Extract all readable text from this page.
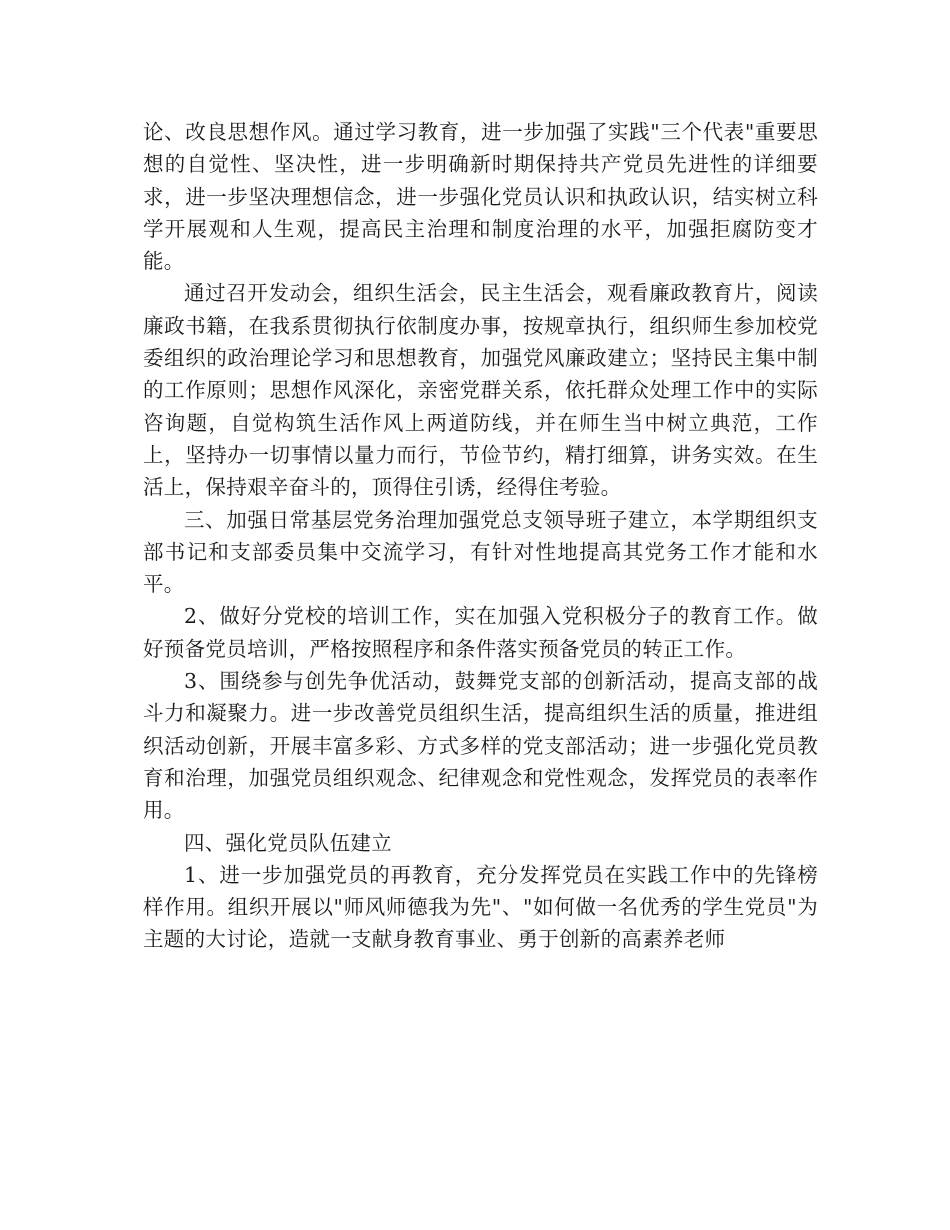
论、改良思想作风。通过学习教育，进一步加强了实践"三个代表"重要思想的自觉性、坚决性，进一步明确新时期保持共产党员先进性的详细要求，进一步坚决理想信念，进一步强化党员认识和执政认识，结实树立科学开展观和人生观，提高民主治理和制度治理的水平，加强拒腐防变才能。

通过召开发动会，组织生活会，民主生活会，观看廉政教育片，阅读廉政书籍，在我系贯彻执行依制度办事，按规章执行，组织师生参加校党委组织的政治理论学习和思想教育，加强党风廉政建立；坚持民主集中制的工作原则；思想作风深化，亲密党群关系，依托群众处理工作中的实际咨询题，自觉构筑生活作风上两道防线，并在师生当中树立典范，工作上，坚持办一切事情以量力而行，节俭节约，精打细算，讲务实效。在生活上，保持艰辛奋斗的，顶得住引诱，经得住考验。

三、加强日常基层党务治理加强党总支领导班子建立，本学期组织支部书记和支部委员集中交流学习，有针对性地提高其党务工作才能和水平。

2、做好分党校的培训工作，实在加强入党积极分子的教育工作。做好预备党员培训，严格按照程序和条件落实预备党员的转正工作。

3、围绕参与创先争优活动，鼓舞党支部的创新活动，提高支部的战斗力和凝聚力。进一步改善党员组织生活，提高组织生活的质量，推进组织活动创新，开展丰富多彩、方式多样的党支部活动；进一步强化党员教育和治理，加强党员组织观念、纪律观念和党性观念，发挥党员的表率作用。

四、强化党员队伍建立

1、进一步加强党员的再教育，充分发挥党员在实践工作中的先锋榜样作用。组织开展以"师风师德我为先"、"如何做一名优秀的学生党员"为主题的大讨论，造就一支献身教育事业、勇于创新的高素养老师
